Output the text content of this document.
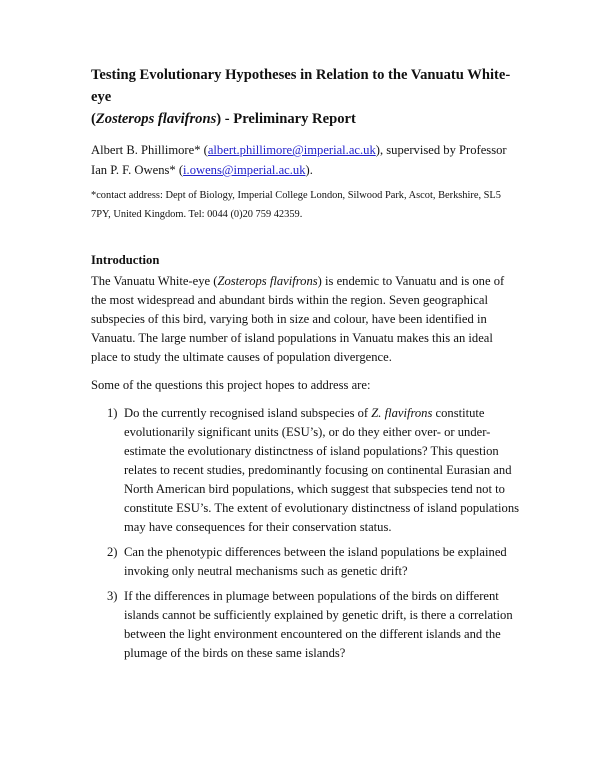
Testing Evolutionary Hypotheses in Relation to the Vanuatu White-eye
(Zosterops flavifrons) - Preliminary Report

Albert B. Phillimore* (albert.phillimore@imperial.ac.uk), supervised by Professor Ian P. F. Owens* (i.owens@imperial.ac.uk).

*contact address: Dept of Biology, Imperial College London, Silwood Park, Ascot, Berkshire, SL5 7PY, United Kingdom. Tel: 0044 (0)20 759 42359.

Introduction

The Vanuatu White-eye (Zosterops flavifrons) is endemic to Vanuatu and is one of the most widespread and abundant birds within the region. Seven geographical subspecies of this bird, varying both in size and colour, have been identified in Vanuatu. The large number of island populations in Vanuatu makes this an ideal place to study the ultimate causes of population divergence.

Some of the questions this project hopes to address are:

1) Do the currently recognised island subspecies of Z. flavifrons constitute evolutionarily significant units (ESU’s), or do they either over- or under-estimate the evolutionary distinctness of island populations? This question relates to recent studies, predominantly focusing on continental Eurasian and North American bird populations, which suggest that subspecies tend not to constitute ESU’s. The extent of evolutionary distinctness of island populations may have consequences for their conservation status.
2) Can the phenotypic differences between the island populations be explained invoking only neutral mechanisms such as genetic drift?
3) If the differences in plumage between populations of the birds on different islands cannot be sufficiently explained by genetic drift, is there a correlation between the light environment encountered on the different islands and the plumage of the birds on these same islands?
